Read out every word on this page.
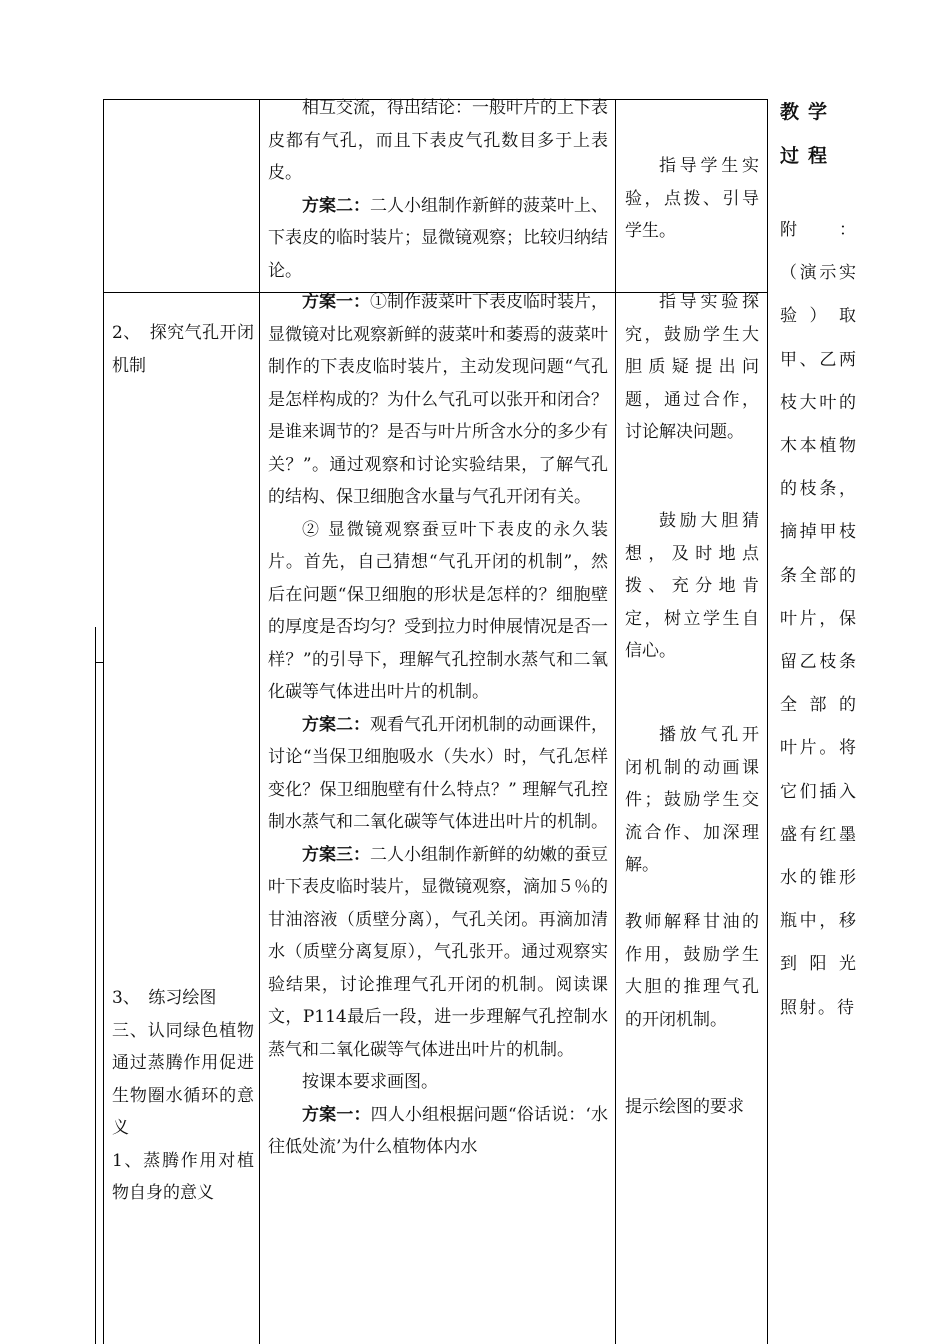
相互交流，得出结论：一般叶片的上下表皮都有气孔，而且下表皮气孔数目多于上表皮。

方案二：二人小组制作新鲜的菠菜叶上、下表皮的临时装片；显微镜观察；比较归纳结论。

指导学生实验，点拨、引导学生。

2、　探究气孔开闭机制

3、　练习绘图

三、认同绿色植物通过蒸腾作用促进生物圈水循环的意义

1、蒸腾作用对植物自身的意义

方案一：①制作菠菜叶下表皮临时装片，显微镜对比观察新鲜的菠菜叶和萎焉的菠菜叶制作的下表皮临时装片，主动发现问题“气孔是怎样构成的？为什么气孔可以张开和闭合？是谁来调节的？是否与叶片所含水分的多少有关？”。通过观察和讨论实验结果，了解气孔的结构、保卫细胞含水量与气孔开闭有关。

② 显微镜观察蚕豆叶下表皮的永久装片。首先，自己猜想“气孔开闭的机制”，然后在问题“保卫细胞的形状是怎样的？细胞壁的厚度是否均匀？受到拉力时伸展情况是否一样？”的引导下，理解气孔控制水蒸气和二氧化碳等气体进出叶片的机制。

方案二：观看气孔开闭机制的动画课件，讨论“当保卫细胞吸水（失水）时，气孔怎样变化？保卫细胞壁有什么特点？” 理解气孔控制水蒸气和二氧化碳等气体进出叶片的机制。

方案三：二人小组制作新鲜的幼嫩的蚕豆叶下表皮临时装片，显微镜观察，滴加５％的甘油溶液（质壁分离），气孔关闭。再滴加清水（质壁分离复原），气孔张开。通过观察实验结果，讨论推理气孔开闭的机制。阅读课文，P114最后一段，进一步理解气孔控制水蒸气和二氧化碳等气体进出叶片的机制。

按课本要求画图。

方案一：四人小组根据问题“俗话说：‘水往低处流’为什么植物体内水

指导实验探究，鼓励学生大胆质疑提出问题，通过合作，讨论解决问题。

鼓励大胆猜想，及时地点拨、充分地肯定，树立学生自信心。

播放气孔开闭机制的动画课件；鼓励学生交流合作、加深理解。

教师解释甘油的作用，鼓励学生大胆的推理气孔的开闭机制。

提示绘图的要求

教学过程
附　：（演示实验）取甲、乙两枝大叶的木本植物的枝条，摘掉甲枝条全部的　叶片，保留乙枝条全部的　叶片。将它们插入盛有红墨水的锥形瓶中，移到阳光　照射。待
